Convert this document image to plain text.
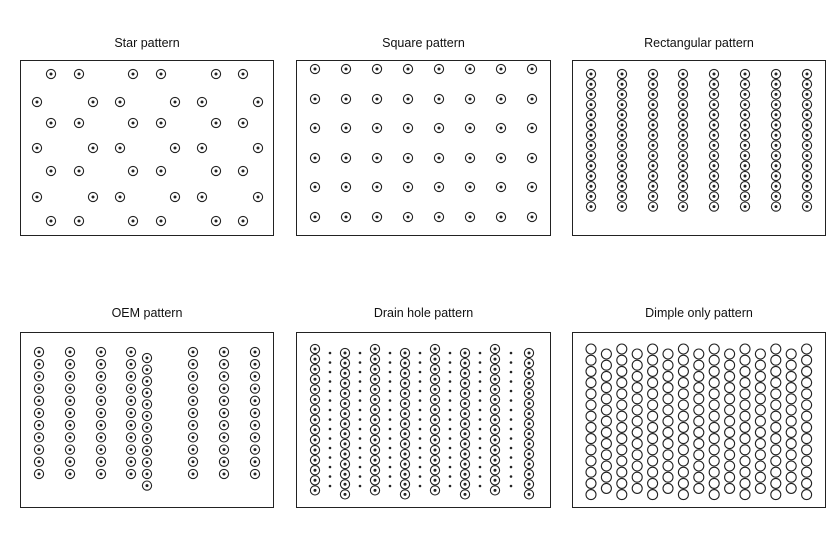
Star pattern	Square pattern	Rectangular pattern
OEM pattern	Drain hole pattern	Dimple only pattern
